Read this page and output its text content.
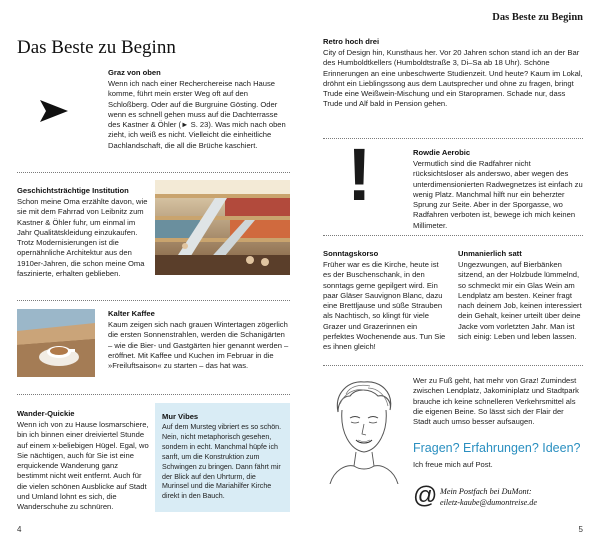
Das Beste zu Beginn

Graz von oben

Wenn ich nach einer Recherchereise nach Hause komme, führt mein erster Weg oft auf den Schloßberg. Oder auf die Burgruine Gösting. Oder wenn es schnell gehen muss auf die Dachterrasse des Kastner & Öhler (► S. 23). Was mich nach oben zieht, ich weiß es nicht. Vielleicht die einheitliche Dachlandschaft, die all die Brüche kaschiert.

Geschichtsträchtige Institution

Schon meine Oma erzählte davon, wie sie mit dem Fahrrad von Leibnitz zum Kastner & Öhler fuhr, um einmal im Jahr Qualitätskleidung einzukaufen. Trotz Modernisierungen ist die opernähnliche Architektur aus den 1910er-Jahren, die schon meine Oma faszinierte, erhalten geblieben.

Kalter Kaffee

Kaum zeigen sich nach grauen Wintertagen zögerlich die ersten Sonnenstrahlen, werden die Schanigärten – wie die Bier- und Gastgärten hier genannt werden – eröffnet. Mit Kaffee und Kuchen im Februar in die »Freiluftsaison« zu starten – das hat was.

Wander-Quickie

Wenn ich von zu Hause losmarschiere, bin ich binnen einer dreiviertel Stunde auf einem x-beliebigen Hügel. Egal, wo Sie nächtigen, auch für Sie ist eine erquickende Wanderung ganz bestimmt nicht weit entfernt. Auch für die vielen schönen Ausblicke auf Stadt und Umland lohnt es sich, die Wanderschuhe zu schnüren.

Mur Vibes

Auf dem Mursteg vibriert es so schön. Nein, nicht metaphorisch gesehen, sondern in echt. Manchmal hüpfe ich sanft, um die Konstruktion zum Schwingen zu bringen. Dann fährt mir der Blick auf den Uhrturm, die Murinsel und die Mariahilfer Kirche direkt in den Bauch.

4
Das Beste zu Beginn

Retro hoch drei

City of Design hin, Kunsthaus her. Vor 20 Jahren schon stand ich an der Bar des Humboldtkellers (Humboldtstraße 3, Di–Sa ab 18 Uhr). Schöne Erinnerungen an eine unbeschwerte Studienzeit. Und heute? Kaum im Lokal, dröhnt ein Lieblingssong aus dem Lautsprecher und ohne zu fragen, bringt Trude eine Weißwein-Mischung und ein Staropramen. Schade nur, dass Trude und Alf bald in Pension gehen.

!	Rowdie Aerobic

Vermutlich sind die Radfahrer nicht rücksichtsloser als anderswo, aber wegen des unterdimensionierten Radwegnetzes ist einfach zu wenig Platz. Manchmal hilft nur ein beherzter Sprung zur Seite. Aber in der Sporgasse, wo Radfahren verboten ist, bewege ich mich keinen Millimeter.

Sonntagskorso

Früher war es die Kirche, heute ist es der Buschenschank, in den sonntags gerne gepilgert wird. Ein paar Gläser Sauvignon Blanc, dazu eine Brettljause und süße Strauben als Nachtisch, so klingt für viele Grazer und Grazerinnen ein perfektes Wochenende aus. Tun Sie es ihnen gleich!

Unmanierlich satt

Ungezwungen, auf Bierbänken sitzend, an der Holzbude lümmelnd, so schmeckt mir ein Glas Wein am Lendplatz am besten. Keiner fragt nach deinem Job, keinen interessiert dein Gehalt, keiner urteilt über deine Jacke vom vorletzten Jahr. Man ist sich einig: Leben und leben lassen.

Wer zu Fuß geht, hat mehr von Graz! Zumindest zwischen Lendplatz, Jakominiplatz und Stadtpark brauche ich keine schnelleren Verkehrsmittel als die eigenen Beine. So lässt sich der Flair der Stadt auch umso besser aufsaugen.

Fragen? Erfahrungen? Ideen?
Ich freue mich auf Post.
@ Mein Postfach bei DuMont:
eiletz-kaube@dumontreise.de
5
